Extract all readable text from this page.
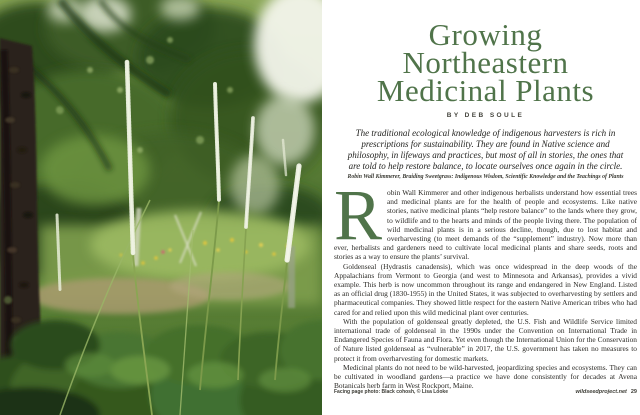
Growing
Northeastern
Medicinal Plants
BY DEB SOULE
The traditional ecological knowledge of indigenous harvesters is rich in prescriptions for sustainability. They are found in Native science and philosophy, in lifeways and practices, but most of all in stories, the ones that are told to help restore balance, to locate ourselves once again in the circle.
Robin Wall Kimmerer, Braiding Sweetgrass: Indigenous Wisdom, Scientific Knowledge and the Teachings of Plants

Robin Wall Kimmerer and other indigenous herbalists understand how essential trees and medicinal plants are for the health of people and ecosystems. Like native stories, native medicinal plants “help restore balance” to the lands where they grow, to wildlife and to the hearts and minds of the people living there. The population of wild medicinal plants is in a serious decline, though, due to lost habitat and overharvesting (to meet demands of the “supplement” industry). Now more than ever, herbalists and gardeners need to cultivate local medicinal plants and share seeds, roots and stories as a way to ensure the plants’ survival.

Goldenseal (Hydrastis canadensis), which was once widespread in the deep woods of the Appalachians from Vermont to Georgia (and west to Minnesota and Arkansas), provides a vivid example. This herb is now uncommon throughout its range and endangered in New England. Listed as an official drug (1830-1955) in the United States, it was subjected to overharvesting by settlers and pharmaceutical companies. They showed little respect for the eastern Native American tribes who had cared for and relied upon this wild medicinal plant over centuries.

With the population of goldenseal greatly depleted, the U.S. Fish and Wildlife Service limited international trade of goldenseal in the 1990s under the Convention on International Trade in Endangered Species of Fauna and Flora. Yet even though the International Union for the Conservation of Nature listed goldenseal as “vulnerable” in 2017, the U.S. government has taken no measures to protect it from overharvesting for domestic markets.

Medicinal plants do not need to be wild-harvested, jeopardizing species and ecosystems. They can be cultivated in woodland gardens—a practice we have done consistently for decades at Avena Botanicals herb farm in West Rockport, Maine.

Facing page photo: Black cohosh, © Lisa Looke	wildseedproject.net 29
